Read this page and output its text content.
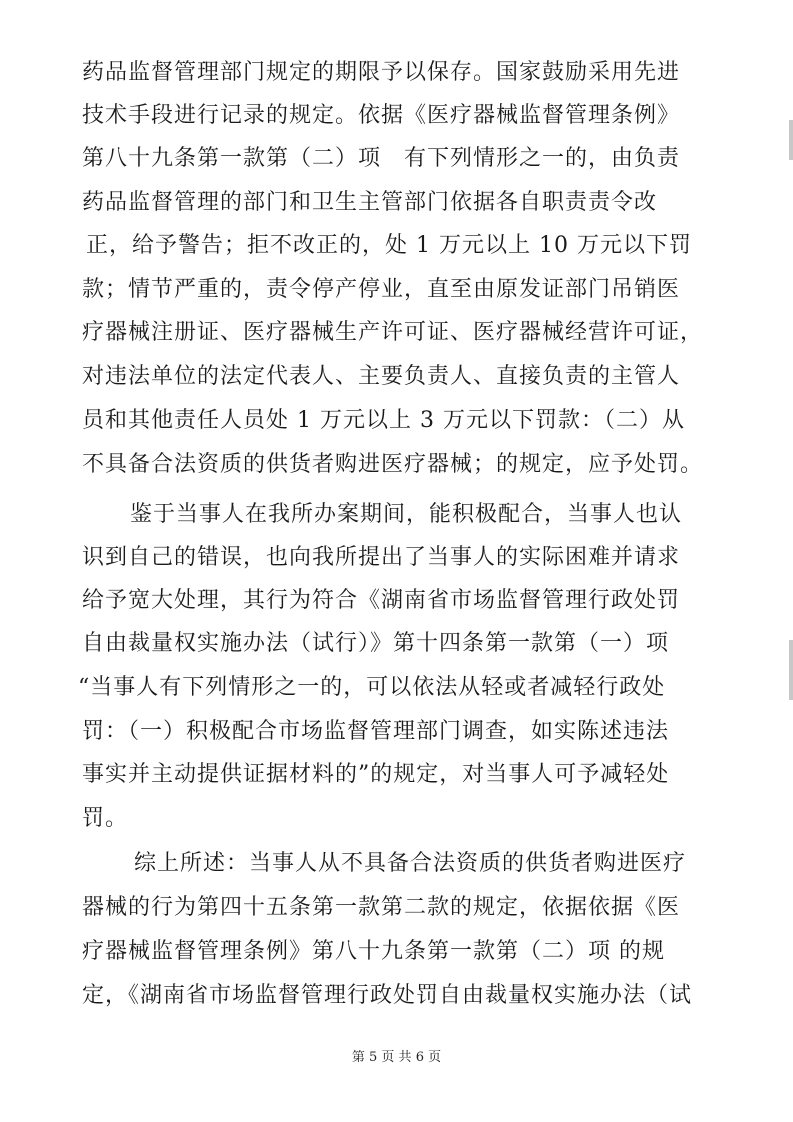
药品监督管理部门规定的期限予以保存。国家鼓励采用先进
技术手段进行记录的规定。依据《医疗器械监督管理条例》
第八十九条第一款第（二）项　有下列情形之一的，由负责
药品监督管理的部门和卫生主管部门依据各自职责责令改
正，给予警告；拒不改正的，处 1 万元以上 10 万元以下罚
款；情节严重的，责令停产停业，直至由原发证部门吊销医
疗器械注册证、医疗器械生产许可证、医疗器械经营许可证，
对违法单位的法定代表人、主要负责人、直接负责的主管人
员和其他责任人员处 1 万元以上 3 万元以下罚款：（二）从
不具备合法资质的供货者购进医疗器械；的规定，应予处罚。
鉴于当事人在我所办案期间，能积极配合，当事人也认
识到自己的错误，也向我所提出了当事人的实际困难并请求
给予宽大处理，其行为符合《湖南省市场监督管理行政处罚
自由裁量权实施办法（试行）》第十四条第一款第（一）项
“当事人有下列情形之一的，可以依法从轻或者减轻行政处
罚：（一）积极配合市场监督管理部门调查，如实陈述违法
事实并主动提供证据材料的”的规定，对当事人可予减轻处
罚。
综上所述：当事人从不具备合法资质的供货者购进医疗
器械的行为第四十五条第一款第二款的规定，依据依据《医
疗器械监督管理条例》第八十九条第一款第（二）项 的规
定，《湖南省市场监督管理行政处罚自由裁量权实施办法（试
第 5 页 共 6 页
